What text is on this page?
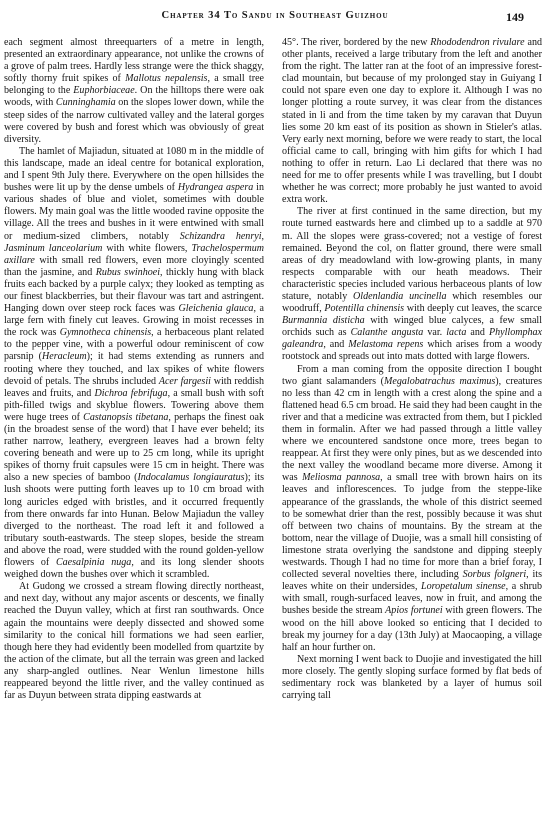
Chapter 34 To Sandu in Southeast Guizhou	149

each segment almost threequarters of a metre in length, presented an extraordinary appearance, not unlike the crowns of a grove of palm trees. Hardly less strange were the thick shaggy, softly thorny fruit spikes of Mallotus nepalensis, a small tree belonging to the Euphorbiaceae. On the hilltops there were oak woods, with Cunninghamia on the slopes lower down, while the steep sides of the narrow cultivated valley and the lateral gorges were covered by bush and forest which was obviously of great diversity.

The hamlet of Majiadun, situated at 1080 m in the middle of this landscape, made an ideal centre for botanical exploration, and I spent 9th July there. Everywhere on the open hillsides the bushes were lit up by the dense umbels of Hydrangea aspera in various shades of blue and violet, sometimes with double flowers. My main goal was the little wooded ravine opposite the village. All the trees and bushes in it were entwined with small or medium-sized climbers, notably Schizandra henryi, Jasminum lanceolarium with white flowers, Trachelospermum axillare with small red flowers, even more cloyingly scented than the jasmine, and Rubus swinhoei, thickly hung with black fruits each backed by a purple calyx; they looked as tempting as our finest blackberries, but their flavour was tart and astringent. Hanging down over steep rock faces was Gleichenia glauca, a large fern with finely cut leaves. Growing in moist recesses in the rock was Gymnotheca chinensis, a herbaceous plant related to the pepper vine, with a powerful odour reminiscent of cow parsnip (Heracleum); it had stems extending as runners and rooting where they touched, and lax spikes of white flowers devoid of petals. The shrubs included Acer fargesii with reddish leaves and fruits, and Dichroa febrifuga, a small bush with soft pith-filled twigs and skyblue flowers. Towering above them were huge trees of Castanopsis tibetana, perhaps the finest oak (in the broadest sense of the word) that I have ever beheld; its rather narrow, leathery, evergreen leaves had a brown felty covering beneath and were up to 25 cm long, while its upright spikes of thorny fruit capsules were 15 cm in height. There was also a new species of bamboo (Indocalamus longiauratus); its lush shoots were putting forth leaves up to 10 cm broad with long auricles edged with bristles, and it occurred frequently from there onwards far into Hunan. Below Majiadun the valley diverged to the northeast. The road left it and followed a tributary south-eastwards. The steep slopes, beside the stream and above the road, were studded with the round golden-yellow flowers of Caesalpinia nuga, and its long slender shoots weighed down the bushes over which it scrambled.

At Gudong we crossed a stream flowing directly northeast, and next day, without any major ascents or descents, we finally reached the Duyun valley, which at first ran southwards. Once again the mountains were deeply dissected and showed some similarity to the conical hill formations we had seen earlier, though here they had evidently been modelled from quartzite by the action of the climate, but all the terrain was green and lacked any sharp-angled outlines. Near Wenlun limestone hills reappeared beyond the little river, and the valley continued as far as Duyun between strata dipping eastwards at

45°. The river, bordered by the new Rhododendron rivulare and other plants, received a large tributary from the left and another from the right. The latter ran at the foot of an impressive forest-clad mountain, but because of my prolonged stay in Guiyang I could not spare even one day to explore it. Although I was no longer plotting a route survey, it was clear from the distances stated in li and from the time taken by my caravan that Duyun lies some 20 km east of its position as shown in Stieler's atlas. Very early next morning, before we were ready to start, the local official came to call, bringing with him gifts for which I had nothing to offer in return. Lao Li declared that there was no need for me to offer presents while I was travelling, but I doubt whether he was correct; more probably he just wanted to avoid extra work.

The river at first continued in the same direction, but my route turned eastwards here and climbed up to a saddle at 970 m. All the slopes were grass-covered; not a vestige of forest remained. Beyond the col, on flatter ground, there were small areas of dry meadowland with low-growing plants, in many respects comparable with our heath meadows. Their characteristic species included various herbaceous plants of low stature, notably Oldenlandia uncinella which resembles our woodruff, Potentilla chinensis with deeply cut leaves, the scarce Burmannia disticha with winged blue calyces, a few small orchids such as Calanthe angusta var. lacta and Phyllomphax galeandra, and Melastoma repens which arises from a woody rootstock and spreads out into mats dotted with large flowers.

From a man coming from the opposite direction I bought two giant salamanders (Megalobatrachus maximus), creatures no less than 42 cm in length with a crest along the spine and a flattened head 6.5 cm broad. He said they had been caught in the river and that a medicine was extracted from them, but I pickled them in formalin. After we had passed through a little valley where we encountered sandstone once more, trees began to reappear. At first they were only pines, but as we descended into the next valley the woodland became more diverse. Among it was Meliosma pannosa, a small tree with brown hairs on its leaves and inflorescences. To judge from the steppe-like appearance of the grasslands, the whole of this district seemed to be somewhat drier than the rest, possibly because it was shut off between two chains of mountains. By the stream at the bottom, near the village of Duojie, was a small hill consisting of limestone strata overlying the sandstone and dipping steeply westwards. Though I had no time for more than a brief foray, I collected several novelties there, including Sorbus folgneri, its leaves white on their undersides, Loropetalum sinense, a shrub with small, rough-surfaced leaves, now in fruit, and among the bushes beside the stream Apios fortunei with green flowers. The wood on the hill above looked so enticing that I decided to break my journey for a day (13th July) at Maocaoping, a village half an hour further on.

Next morning I went back to Duojie and investigated the hill more closely. The gently sloping surface formed by flat beds of sedimentary rock was blanketed by a layer of humus soil carrying tall
